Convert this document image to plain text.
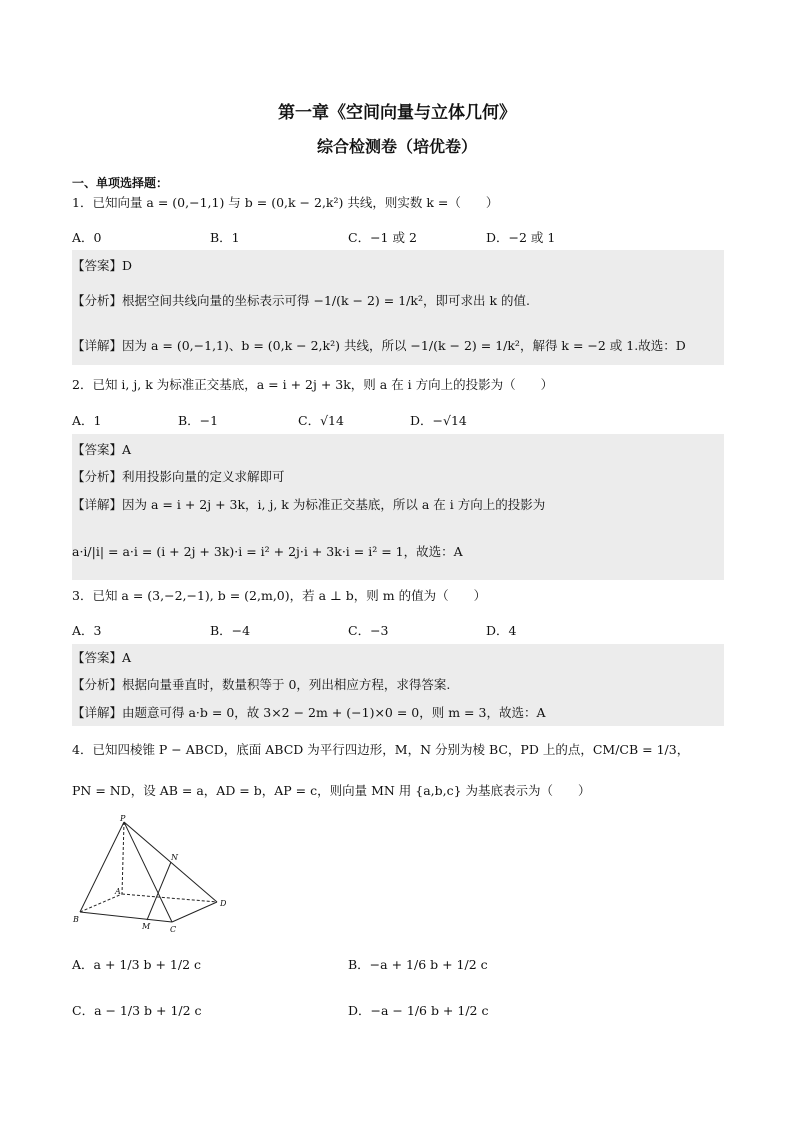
第一章《空间向量与立体几何》
综合检测卷（培优卷）
一、单项选择题：
1．已知向量 a = (0,−1,1) 与 b = (0,k − 2,k²) 共线，则实数 k =（　　）
A．0	B．1	C．−1 或 2	D．−2 或 1
【答案】D
【分析】根据空间共线向量的坐标表示可得 −1/(k − 2) = 1/k²，即可求出 k 的值.
【详解】因为 a = (0,−1,1)、b = (0,k − 2,k²) 共线，所以 −1/(k − 2) = 1/k²，解得 k = −2 或 1.故选：D
2．已知 i, j, k 为标准正交基底，a = i + 2j + 3k，则 a 在 i 方向上的投影为（　　）
A．1	B．−1	C．√14	D．−√14
【答案】A
【分析】利用投影向量的定义求解即可
【详解】因为 a = i + 2j + 3k，i, j, k 为标准正交基底，所以 a 在 i 方向上的投影为
a·i/|i| = a·i = (i + 2j + 3k)·i = i² + 2j·i + 3k·i = i² = 1，故选：A
3．已知 a = (3,−2,−1), b = (2,m,0)，若 a ⊥ b，则 m 的值为（　　）
A．3	B．−4	C．−3	D．4
【答案】A
【分析】根据向量垂直时，数量积等于 0，列出相应方程，求得答案.
【详解】由题意可得 a·b = 0，故 3×2 − 2m + (−1)×0 = 0，则 m = 3，故选：A
4．已知四棱锥 P − ABCD，底面 ABCD 为平行四边形，M，N 分别为棱 BC，PD 上的点，CM/CB = 1/3，
PN = ND，设 AB = a，AD = b，AP = c，则向量 MN 用 {a,b,c} 为基底表示为（　　）
P
N
A
D
B
M C
A．a + 1/3 b + 1/2 c	B．−a + 1/6 b + 1/2 c
C．a − 1/3 b + 1/2 c	D．−a − 1/6 b + 1/2 c
